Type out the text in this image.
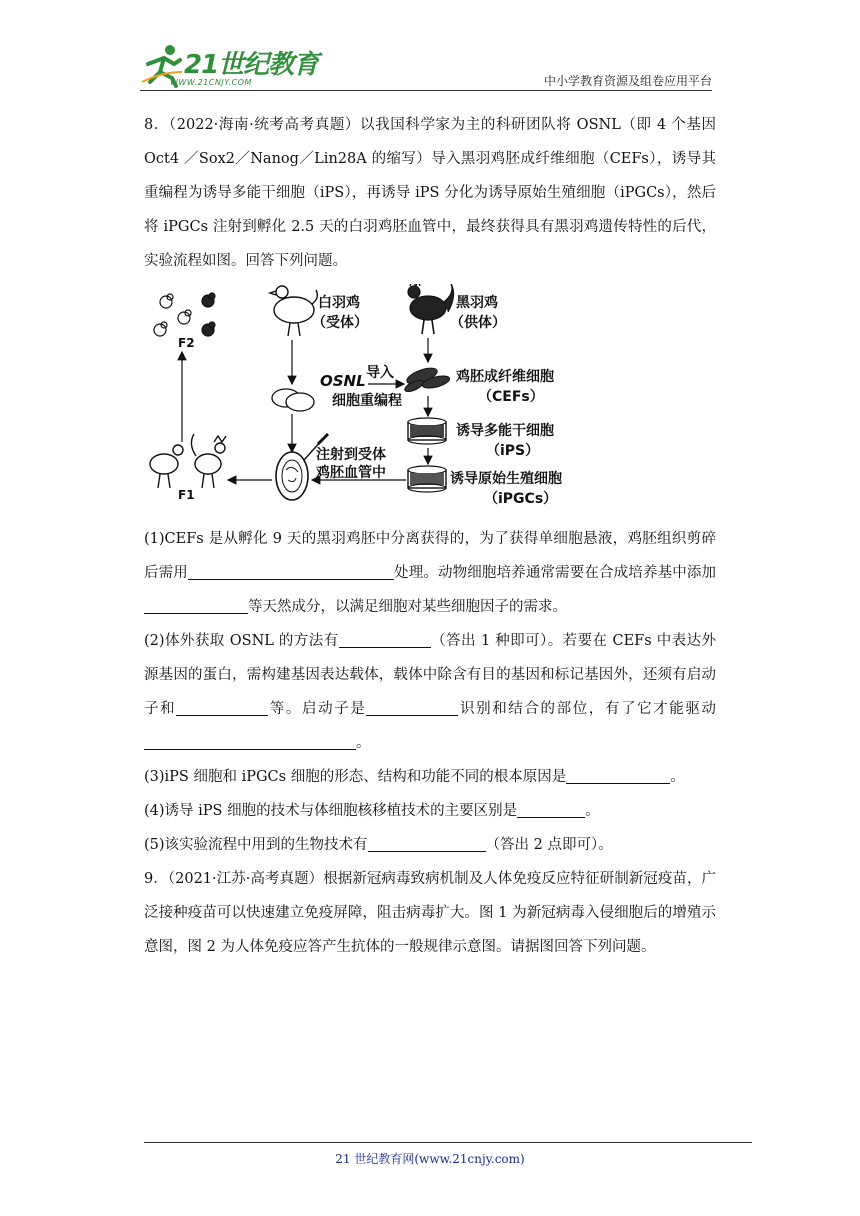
21世纪教育
WWW.21CNJY.COM	中小学教育资源及组卷应用平台

8．（2022·海南·统考高考真题）以我国科学家为主的科研团队将 OSNL（即 4 个基因 Oct4 ／Sox2／Nanog／Lin28A 的缩写）导入黑羽鸡胚成纤维细胞（CEFs），诱导其重编程为诱导多能干细胞（iPS），再诱导 iPS 分化为诱导原始生殖细胞（iPGCs），然后将 iPGCs 注射到孵化 2.5 天的白羽鸡胚血管中，最终获得具有黑羽鸡遗传特性的后代，实验流程如图。回答下列问题。

F2
F1
白羽鸡
（受体）
黑羽鸡
（供体）
OSNL 导入
细胞重编程
鸡胚成纤维细胞
（CEFs）
诱导多能干细胞
（iPS）
诱导原始生殖细胞
（iPGCs）
注射到受体
鸡胚血管中

(1)CEFs 是从孵化 9 天的黑羽鸡胚中分离获得的，为了获得单细胞悬液，鸡胚组织剪碎后需用	处理。动物细胞培养通常需要在合成培养基中添加等天然成分，以满足细胞对某些细胞因子的需求。

(2)体外获取 OSNL 的方法有	（答出 1 种即可）。若要在 CEFs 中表达外源基因的蛋白，需构建基因表达载体，载体中除含有目的基因和标记基因外，还须有启动子和	等。启动子是	识别和结合的部位，有了它才能驱动。

(3)iPS 细胞和 iPGCs 细胞的形态、结构和功能不同的根本原因是	。

(4)诱导 iPS 细胞的技术与体细胞核移植技术的主要区别是	。

(5)该实验流程中用到的生物技术有	（答出 2 点即可）。

9．（2021·江苏·高考真题）根据新冠病毒致病机制及人体免疫反应特征研制新冠疫苗，广泛接种疫苗可以快速建立免疫屏障，阻击病毒扩大。图 1 为新冠病毒入侵细胞后的增殖示意图，图 2 为人体免疫应答产生抗体的一般规律示意图。请据图回答下列问题。

21 世纪教育网(www.21cnjy.com)
